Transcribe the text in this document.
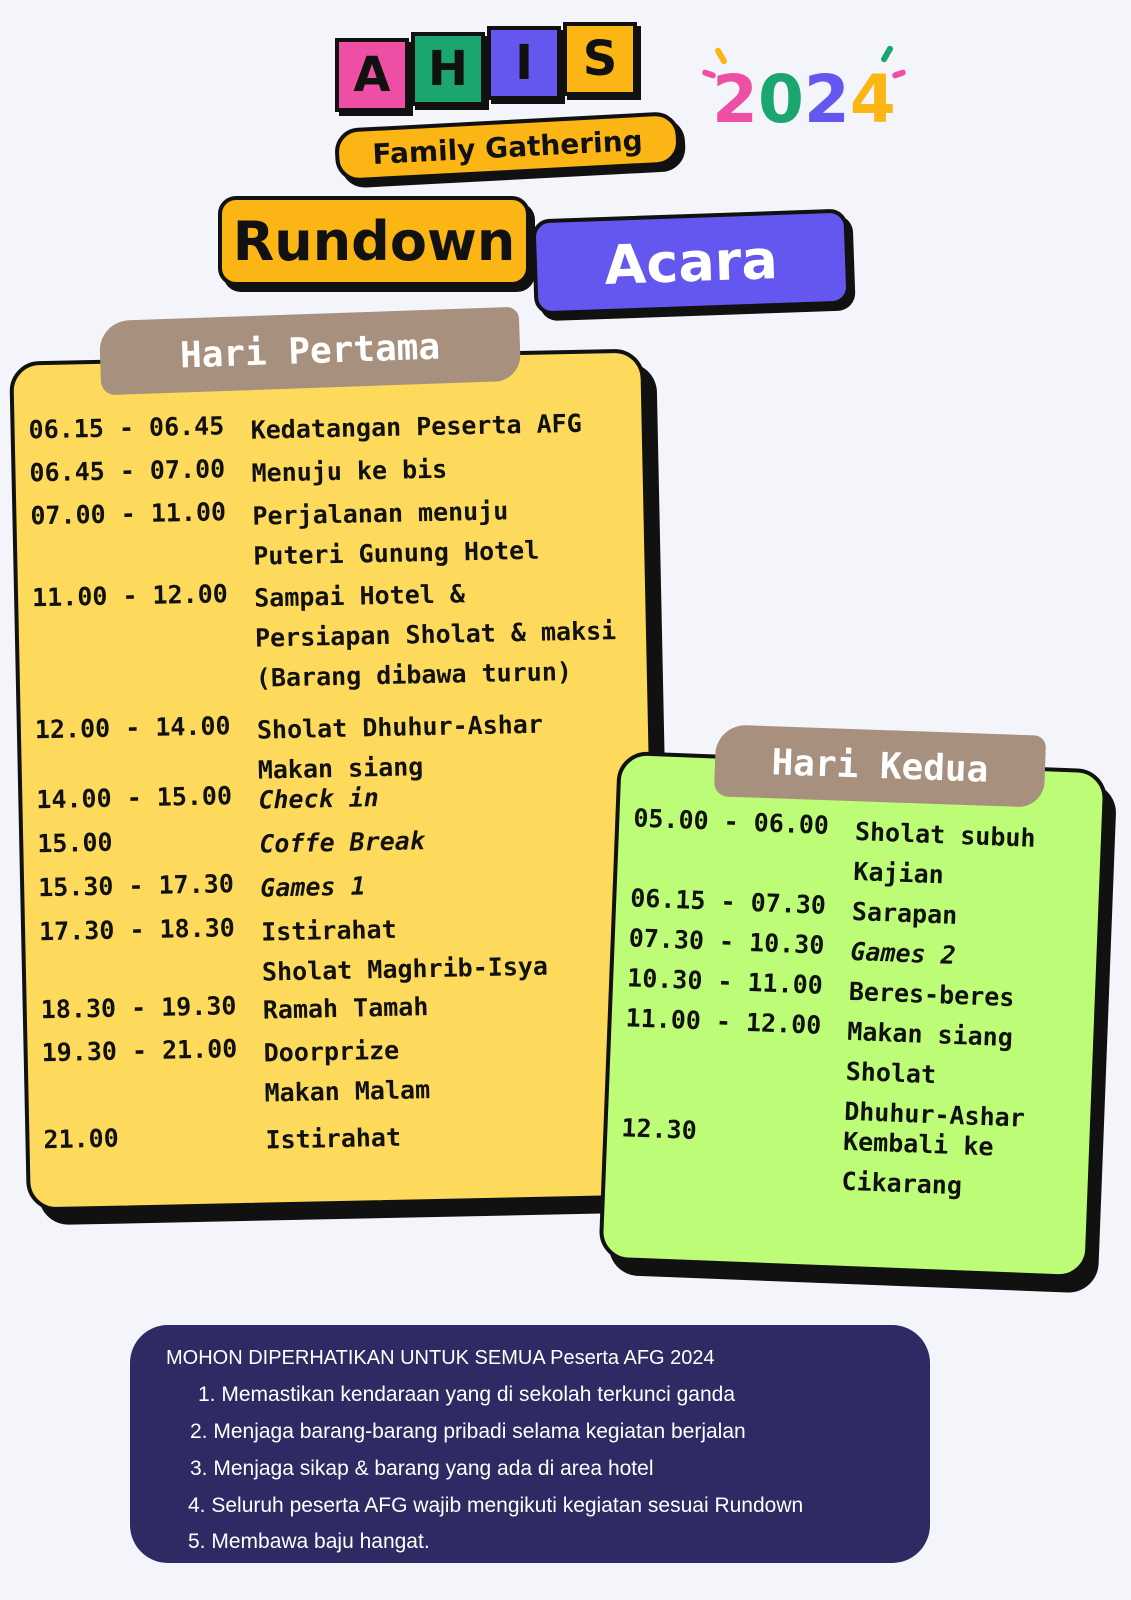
A H I S
Family Gathering
2024
Rundown Acara
06.15 - 06.45 Kedatangan Peserta AFG
06.45 - 07.00 Menuju ke bis
07.00 - 11.00 Perjalanan menuju
Puteri Gunung Hotel
11.00 - 12.00 Sampai Hotel &
Persiapan Sholat & maksi
(Barang dibawa turun)
12.00 - 14.00 Sholat Dhuhur-Ashar
Makan siang
14.00 - 15.00 Check in
15.00	Coffe Break
15.30 - 17.30 Games 1
17.30 - 18.30 Istirahat
Sholat Maghrib-Isya
18.30 - 19.30 Ramah Tamah
19.30 - 21.00 Doorprize
Makan Malam
21.00	Istirahat
Hari Pertama
05.00 - 06.00 Sholat subuh
Kajian
06.15 - 07.30 Sarapan
07.30 - 10.30 Games 2
10.30 - 11.00 Beres-beres
11.00 - 12.00 Makan siang
Sholat
Dhuhur-Ashar
12.30	Kembali ke
Cikarang
Hari Kedua
MOHON DIPERHATIKAN UNTUK SEMUA Peserta AFG 2024
1. Memastikan kendaraan yang di sekolah terkunci ganda
2. Menjaga barang-barang pribadi selama kegiatan berjalan
3. Menjaga sikap & barang yang ada di area hotel
4. Seluruh peserta AFG wajib mengikuti kegiatan sesuai Rundown
5. Membawa baju hangat.
